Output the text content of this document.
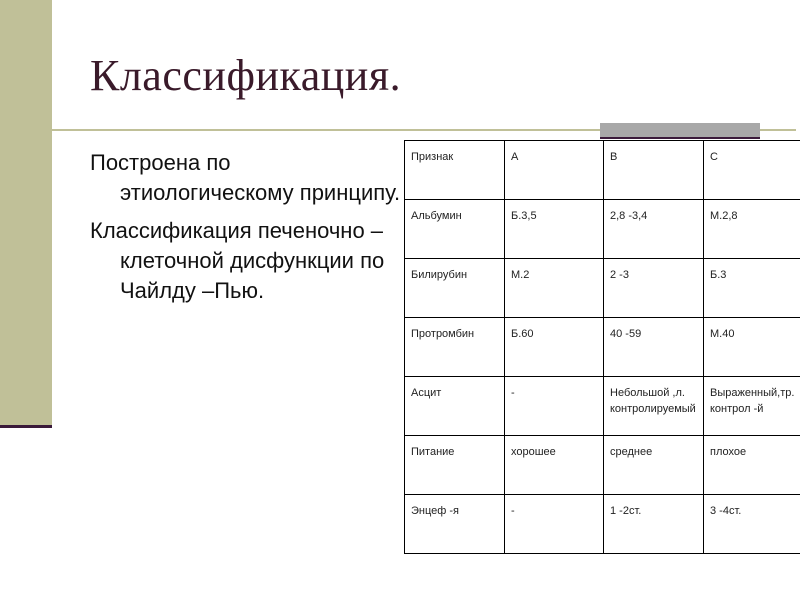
Классификация.

Построена по этиологическому принципу.

Классификация печеночно –клеточной дисфункции по Чайлду –Пью.

Признак	А	В	С
Альбумин	Б.3,5	2,8 -3,4	М.2,8
Билирубин	М.2	2 -3	Б.3
Протромбин	Б.60	40 -59	М.40
Асцит	-	Небольшой ,л. контролируемый	Выраженный,тр. контрол -й
Питание	хорошее	среднее	плохое
Энцеф -я	-	1 -2ст.	3 -4ст.
